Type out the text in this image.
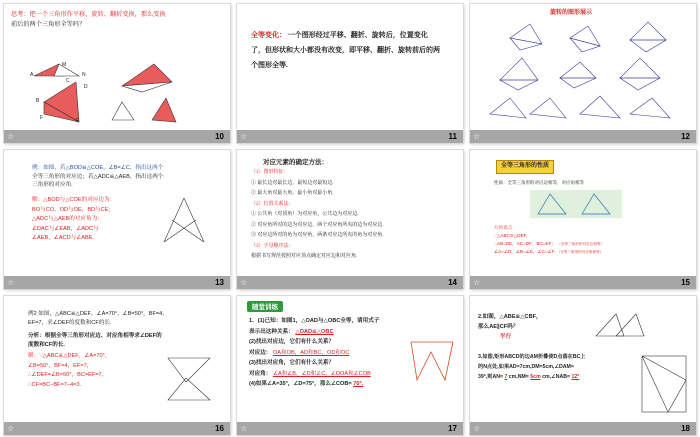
思考：把一个三角形作平移、旋转、翻折变换，那么变换
前后的两个三角形全等吗？
A
B
C
M
N
E
F
D
☆	10
全等变化： 一个图形经过平移、翻折、旋转后，位置变化了，但形状和大小都没有改变，即平移、翻折、旋转前后的两个图形全等.
☆	11
旋转的图形展示
☆	12
例：如图，若△BOD≌△COE，∠B=∠C，指出这两个
全等三角形的对应边；若△ADC≌△AEB，指出这两个
三角形的对应角.
解：△BOD与△COE的对应边为：
BO与CO，OD与OE，BD与CE；
△ADC与△AEB的对应角为：
∠DAC与∠EAB，∠ADC与
∠AEB，∠ACD与∠ABE.
☆	13
对应元素的确定方法：
（1）图形特征：
① 最长边对最长边，最短边对最短边.
② 最大角对最大角，最小角对最小角.
（2）位置关系法：
① 公共角（对顶角）为对应角，公共边为对应边.
② 对应角所对的边为对应边，两个对应角所夹的边为对应边.
③ 对应边所对的角为对应角，两条对应边所夹的角为对应角.
（3）字母顺序法：
根据书写规范按照对应顶点确定对应边和对应角.
☆	14
全等三角形的性质
性质：全等三角形的对应边相等，对应角相等
几何语言：
∵△ABC≌△DEF,
∴AB=DE，AC=DF，BC=EF； （全等三角形的对应边相等）
∠A=∠D，∠B=∠E，∠C=∠F. （全等三角形的对应角相等）
☆	15
例2 如图，△ABC≌△DEF，∠A=70°，∠B=50°，BF=4，
EF=7，求∠DEF的度数和CF的长.
分析：根据全等三角形对应边、对应角相等求∠DEF的
度数和CF的长.
解：∵△ABC≌△DEF，∠A=70°，
∠B=50°，BF=4，EF=7，
∴∠DEF=∠B=50°，BC=EF=7，
∴CF=BC−BF=7−4=3.
☆	16
随堂训练
1．(1)已知：如图1，△OAD与△OBC全等，请用式子
表示出这种关系： △OAD≌△OBC
(2)找出对应边，它们有什么关系？
对应边： OA和OB，AD和BC，OD和OC
(3)找出对应角，它们有什么关系？
对应角： ∠A和∠B，∠D和∠C，∠DOA和∠COB
(4)如果∠A=35°，∠D=75°，那么∠COB= 70°.
☆	17
2.如图，△ABE≌△CBF，
那么AE∥CF吗？
平行
3.如图,矩形ABCD的边AM折叠使D点落在BC上
的N点处,如果AD=7cm,DM=5cm,∠DAM=
39°,则AN= 7 cm,NM= 5cm cm,∠NAB= 12°
☆	18
